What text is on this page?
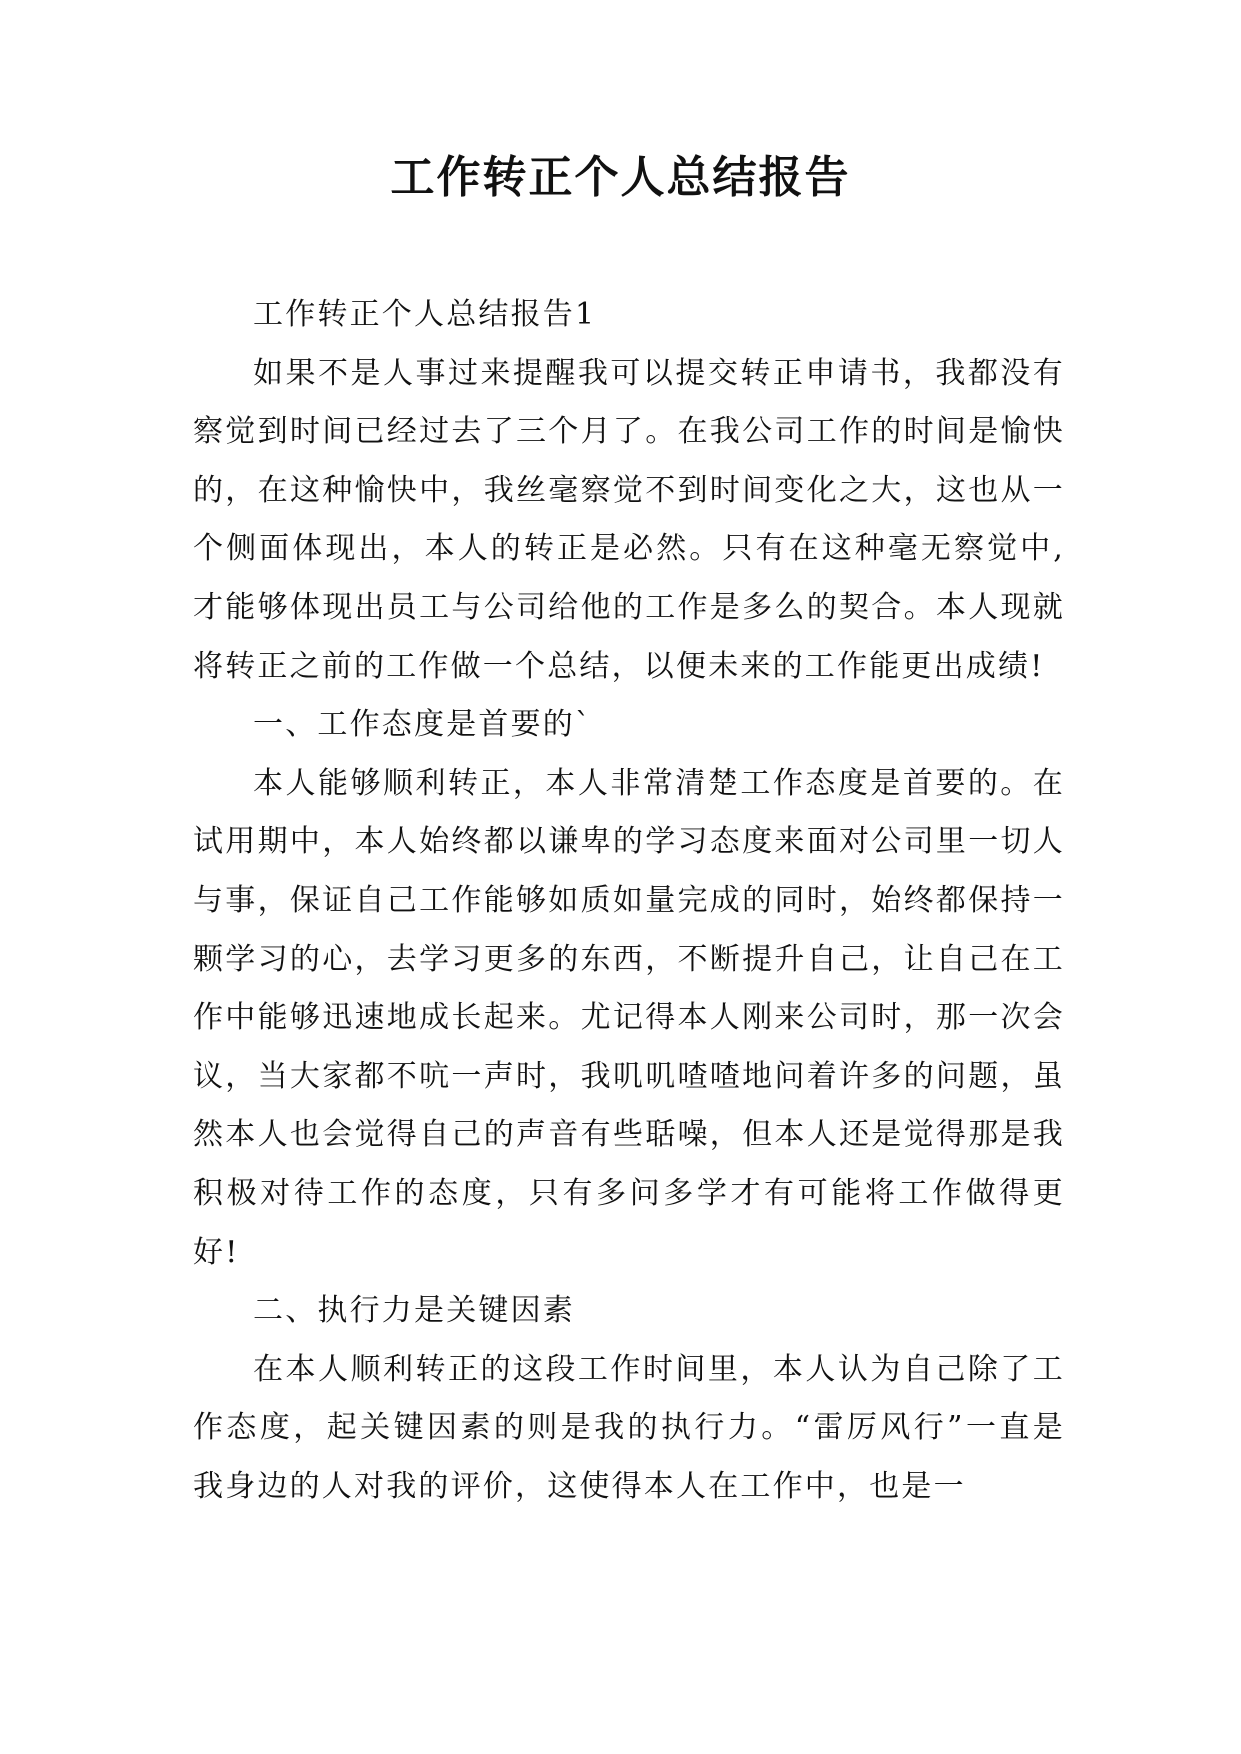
工作转正个人总结报告

工作转正个人总结报告1

如果不是人事过来提醒我可以提交转正申请书，我都没有察觉到时间已经过去了三个月了。在我公司工作的时间是愉快的，在这种愉快中，我丝毫察觉不到时间变化之大，这也从一个侧面体现出，本人的转正是必然。只有在这种毫无察觉中,才能够体现出员工与公司给他的工作是多么的契合。本人现就将转正之前的工作做一个总结，以便未来的工作能更出成绩!

一、工作态度是首要的`

本人能够顺利转正，本人非常清楚工作态度是首要的。在试用期中，本人始终都以谦卑的学习态度来面对公司里一切人与事，保证自己工作能够如质如量完成的同时，始终都保持一颗学习的心，去学习更多的东西，不断提升自己，让自己在工作中能够迅速地成长起来。尤记得本人刚来公司时，那一次会议，当大家都不吭一声时，我叽叽喳喳地问着许多的问题，虽然本人也会觉得自己的声音有些聒噪，但本人还是觉得那是我积极对待工作的态度，只有多问多学才有可能将工作做得更好!

二、执行力是关键因素

在本人顺利转正的这段工作时间里，本人认为自己除了工作态度，起关键因素的则是我的执行力。“雷厉风行”一直是我身边的人对我的评价，这使得本人在工作中，也是一
